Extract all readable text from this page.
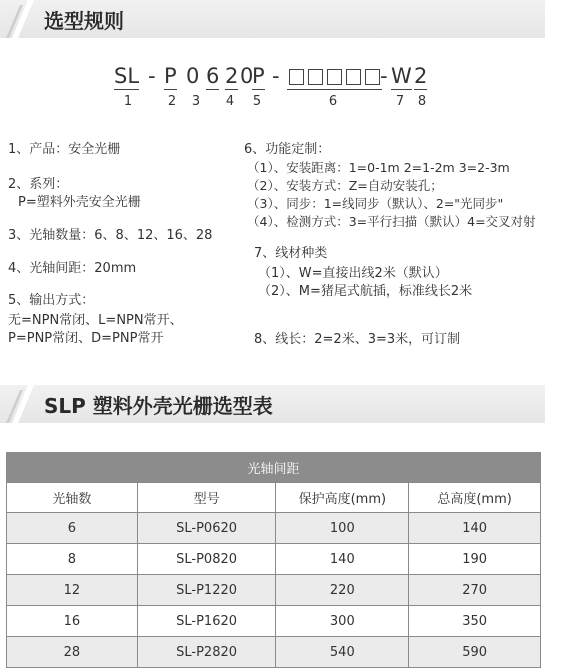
选型规则
SL - P 0 6 2 0
P -	- W 2
1	2	3	4	5	6	7	8
1、产品：安全光栅
2、系列：
P=塑料外壳安全光栅
3、光轴数量：6、8、12、16、28
4、光轴间距：20mm
5、输出方式：
无=NPN常闭、L=NPN常开、
P=PNP常闭、D=PNP常开
6、功能定制：
（1）、安装距离：1=0-1m 2=1-2m 3=2-3m
（2）、安装方式：Z=自动安装孔；
（3）、同步：1=线同步（默认）、2="光同步"
（4）、检测方式：3=平行扫描（默认）4=交叉对射
7、线材种类
（1）、W=直接出线2米（默认）
（2）、M=猪尾式航插，标准线长2米
8、线长：2=2米、3=3米，可订制
SLP 塑料外壳光栅选型表
光轴间距			
光轴数	型号	保护高度(mm)	总高度(mm)
6	SL-P0620	100	140
8	SL-P0820	140	190
12	SL-P1220	220	270
16	SL-P1620	300	350
28	SL-P2820	540	590
